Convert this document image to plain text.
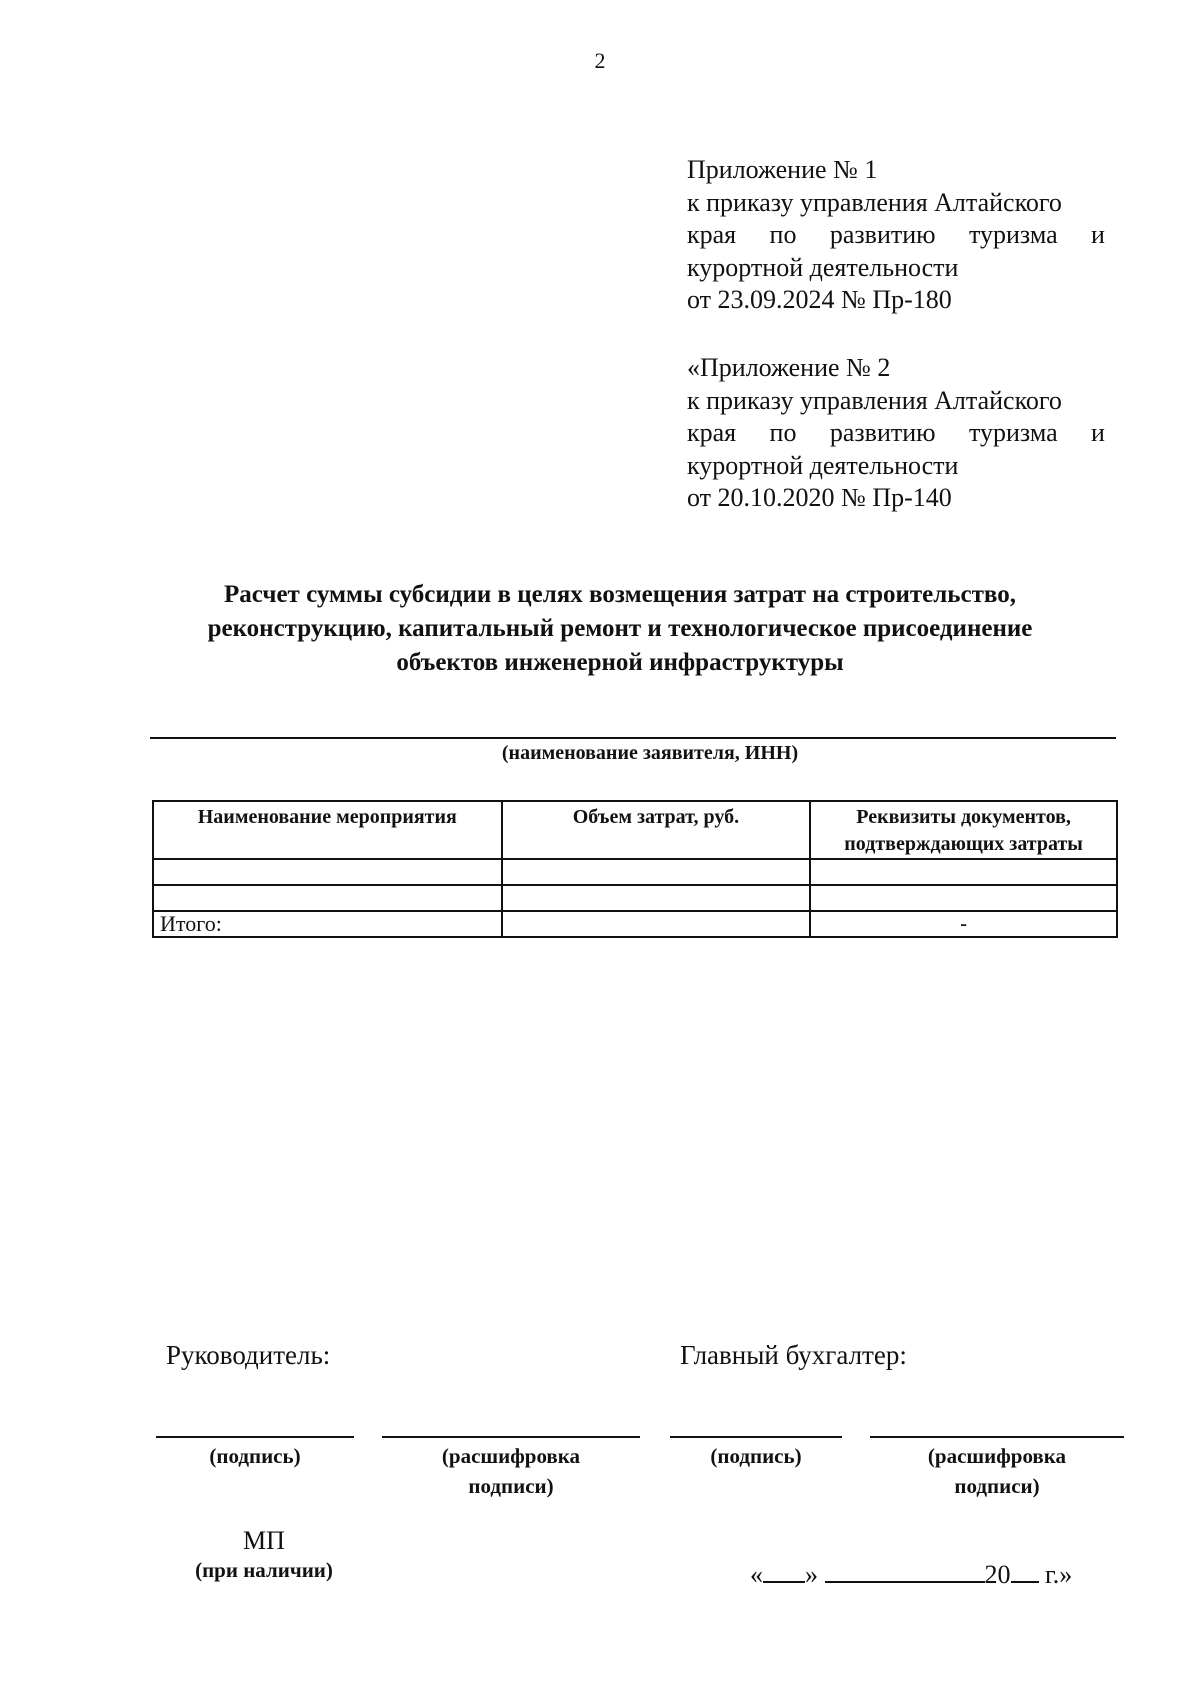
2
Приложение № 1
к приказу управления Алтайского
края по развитию туризма и
курортной деятельности
от 23.09.2024 № Пр-180
«Приложение № 2
к приказу управления Алтайского
края по развитию туризма и
курортной деятельности
от 20.10.2020 № Пр-140
Расчет суммы субсидии в целях возмещения затрат на строительство,
реконструкцию, капитальный ремонт и технологическое присоединение
объектов инженерной инфраструктуры
(наименование заявителя, ИНН)
Наименование мероприятия	Объем затрат, руб.	Реквизиты документов,
подтверждающих затраты

Итого:		-
Руководитель:	Главный бухгалтер:
(подпись)	(расшифровка
подписи)
(подпись)	(расшифровка
подписи)
МП
(при наличии)	« »	20 г.»
